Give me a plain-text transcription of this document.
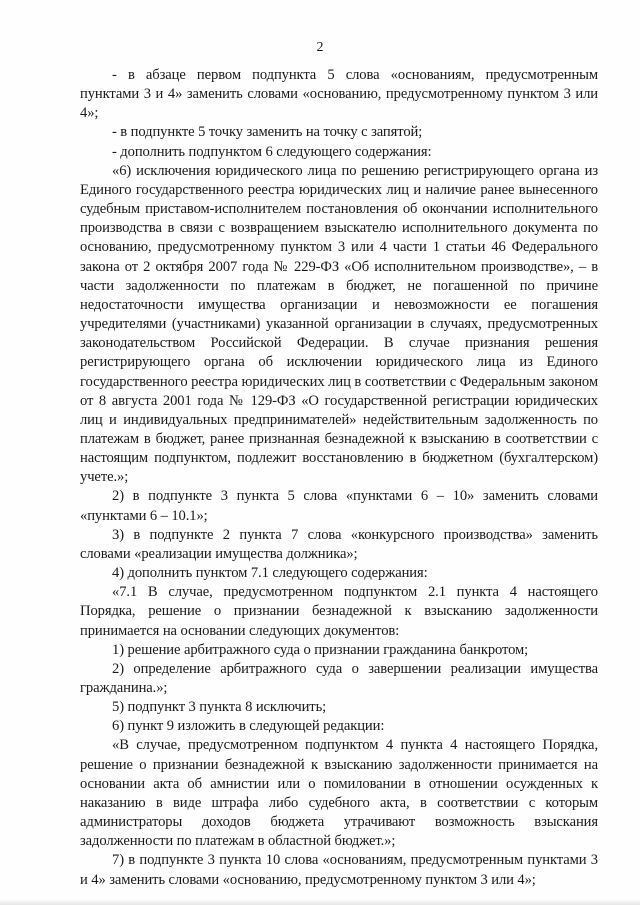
2

- в абзаце первом подпункта 5 слова «основаниям, предусмотренным пунктами 3 и 4» заменить словами «основанию, предусмотренному пунктом 3 или 4»;

- в подпункте 5 точку заменить на точку с запятой;

- дополнить подпунктом 6 следующего содержания:

«6) исключения юридического лица по решению регистрирующего органа из Единого государственного реестра юридических лиц и наличие ранее вынесенного судебным приставом-исполнителем постановления об окончании исполнительного производства в связи с возвращением взыскателю исполнительного документа по основанию, предусмотренному пунктом 3 или 4 части 1 статьи 46 Федерального закона от 2 октября 2007 года № 229-ФЗ «Об исполнительном производстве», – в части задолженности по платежам в бюджет, не погашенной по причине недостаточности имущества организации и невозможности ее погашения учредителями (участниками) указанной организации в случаях, предусмотренных законодательством Российской Федерации. В случае признания решения регистрирующего органа об исключении юридического лица из Единого государственного реестра юридических лиц в соответствии с Федеральным законом от 8 августа 2001 года № 129-ФЗ «О государственной регистрации юридических лиц и индивидуальных предпринимателей» недействительным задолженность по платежам в бюджет, ранее признанная безнадежной к взысканию в соответствии с настоящим подпунктом, подлежит восстановлению в бюджетном (бухгалтерском) учете.»;

2) в подпункте 3 пункта 5 слова «пунктами 6 – 10» заменить словами «пунктами 6 – 10.1»;

3) в подпункте 2 пункта 7 слова «конкурсного производства» заменить словами «реализации имущества должника»;

4) дополнить пунктом 7.1 следующего содержания:

«7.1 В случае, предусмотренном подпунктом 2.1 пункта 4 настоящего Порядка, решение о признании безнадежной к взысканию задолженности принимается на основании следующих документов:

1) решение арбитражного суда о признании гражданина банкротом;

2) определение арбитражного суда о завершении реализации имущества гражданина.»;

5) подпункт 3 пункта 8 исключить;

6) пункт 9 изложить в следующей редакции:

«В случае, предусмотренном подпунктом 4 пункта 4 настоящего Порядка, решение о признании безнадежной к взысканию задолженности принимается на основании акта об амнистии или о помиловании в отношении осужденных к наказанию в виде штрафа либо судебного акта, в соответствии с которым администраторы доходов бюджета утрачивают возможность взыскания задолженности по платежам в областной бюджет.»;

7) в подпункте 3 пункта 10 слова «основаниям, предусмотренным пунктами 3 и 4» заменить словами «основанию, предусмотренному пунктом 3 или 4»;
